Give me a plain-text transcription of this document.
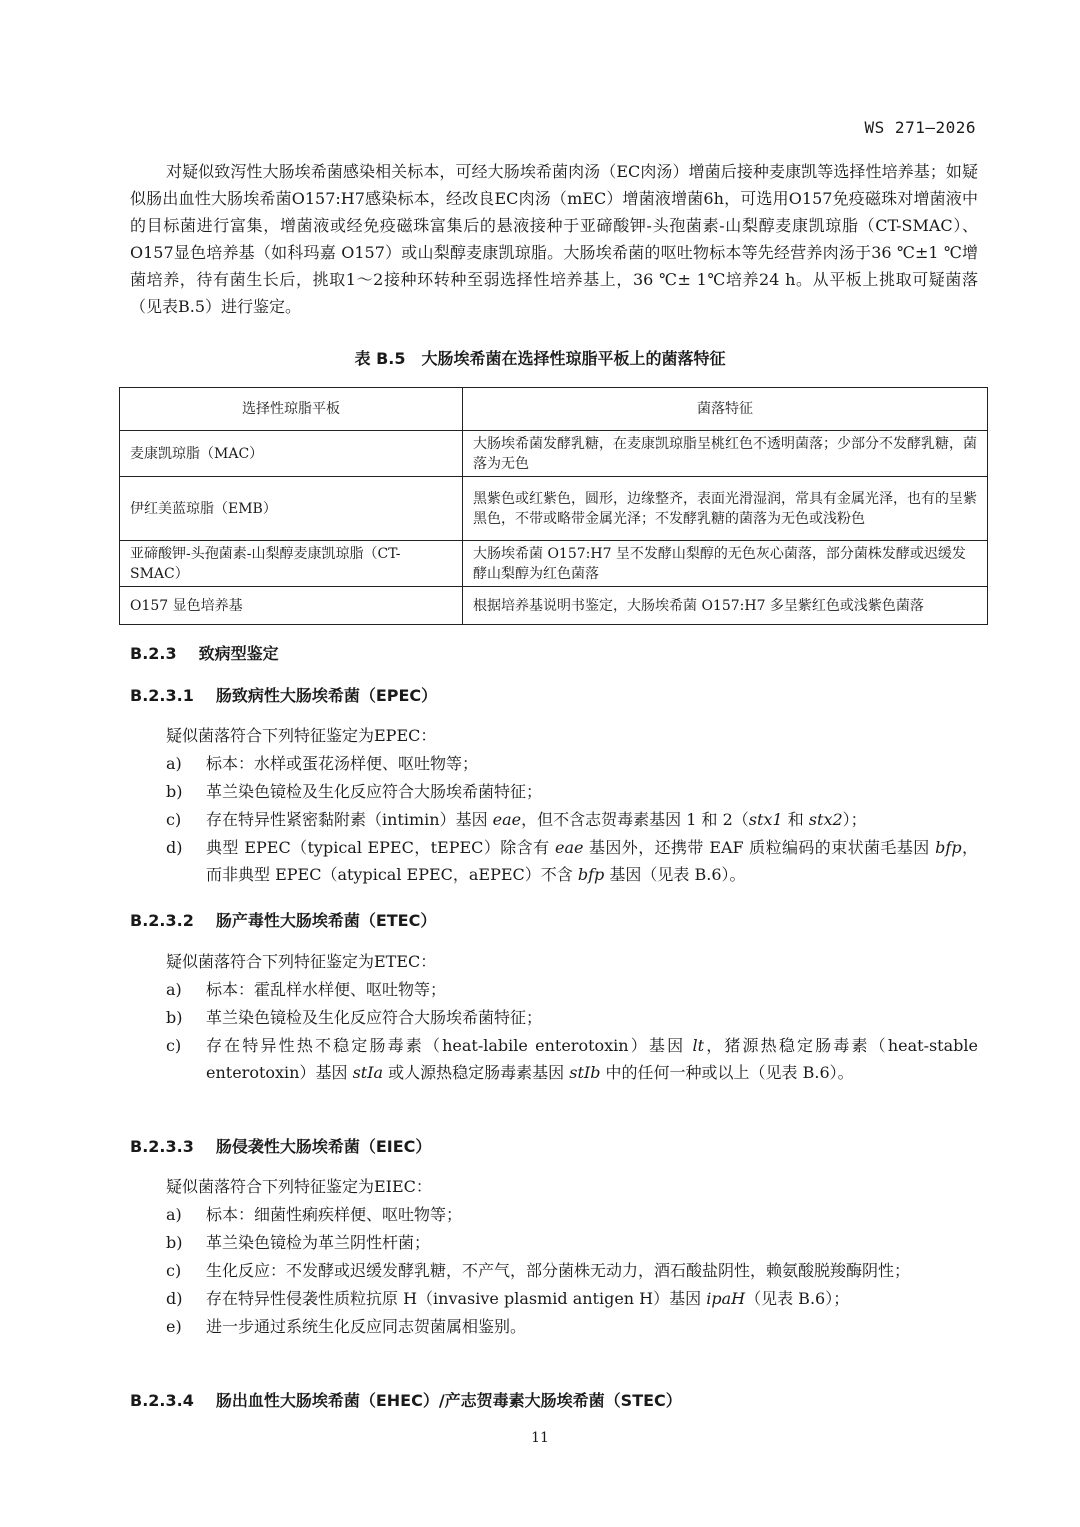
WS 271—2026

对疑似致泻性大肠埃希菌感染相关标本，可经大肠埃希菌肉汤（EC肉汤）增菌后接种麦康凯等选择性培养基；如疑似肠出血性大肠埃希菌O157:H7感染标本，经改良EC肉汤（mEC）增菌液增菌6h，可选用O157免疫磁珠对增菌液中的目标菌进行富集，增菌液或经免疫磁珠富集后的悬液接种于亚碲酸钾-头孢菌素-山梨醇麦康凯琼脂（CT-SMAC）、O157显色培养基（如科玛嘉 O157）或山梨醇麦康凯琼脂。大肠埃希菌的呕吐物标本等先经营养肉汤于36 ℃±1 ℃增菌培养，待有菌生长后，挑取1～2接种环转种至弱选择性培养基上，36 ℃± 1℃培养24 h。从平板上挑取可疑菌落（见表B.5）进行鉴定。

表 B.5　大肠埃希菌在选择性琼脂平板上的菌落特征
选择性琼脂平板	菌落特征
麦康凯琼脂（MAC）	大肠埃希菌发酵乳糖，在麦康凯琼脂呈桃红色不透明菌落；少部分不发酵乳糖，菌落为无色
伊红美蓝琼脂（EMB）	黑紫色或红紫色，圆形，边缘整齐，表面光滑湿润，常具有金属光泽，也有的呈紫黑色，不带或略带金属光泽；不发酵乳糖的菌落为无色或浅粉色
亚碲酸钾-头孢菌素-山梨醇麦康凯琼脂（CT-SMAC）	大肠埃希菌 O157:H7 呈不发酵山梨醇的无色灰心菌落，部分菌株发酵或迟缓发酵山梨醇为红色菌落
O157 显色培养基	根据培养基说明书鉴定，大肠埃希菌 O157:H7 多呈紫红色或浅紫色菌落
B.2.3 致病型鉴定
B.2.3.1 肠致病性大肠埃希菌（EPEC）

疑似菌落符合下列特征鉴定为EPEC：

a) 标本：水样或蛋花汤样便、呕吐物等；
b) 革兰染色镜检及生化反应符合大肠埃希菌特征；
c) 存在特异性紧密黏附素（intimin）基因 eae，但不含志贺毒素基因 1 和 2（stx1 和 stx2）；
d) 典型 EPEC（typical EPEC，tEPEC）除含有 eae 基因外，还携带 EAF 质粒编码的束状菌毛基因 bfp，而非典型 EPEC（atypical EPEC，aEPEC）不含 bfp 基因（见表 B.6）。
B.2.3.2 肠产毒性大肠埃希菌（ETEC）

疑似菌落符合下列特征鉴定为ETEC：

a) 标本：霍乱样水样便、呕吐物等；
b) 革兰染色镜检及生化反应符合大肠埃希菌特征；
c) 存在特异性热不稳定肠毒素（heat-labile enterotoxin）基因 lt，猪源热稳定肠毒素（heat-stable enterotoxin）基因 stIa 或人源热稳定肠毒素基因 stIb 中的任何一种或以上（见表 B.6）。
B.2.3.3 肠侵袭性大肠埃希菌（EIEC）

疑似菌落符合下列特征鉴定为EIEC：

a) 标本：细菌性痢疾样便、呕吐物等；
b) 革兰染色镜检为革兰阴性杆菌；
c) 生化反应：不发酵或迟缓发酵乳糖，不产气，部分菌株无动力，酒石酸盐阴性，赖氨酸脱羧酶阴性；
d) 存在特异性侵袭性质粒抗原 H（invasive plasmid antigen H）基因 ipaH（见表 B.6）；
e) 进一步通过系统生化反应同志贺菌属相鉴别。
B.2.3.4 肠出血性大肠埃希菌（EHEC）/产志贺毒素大肠埃希菌（STEC）
11
